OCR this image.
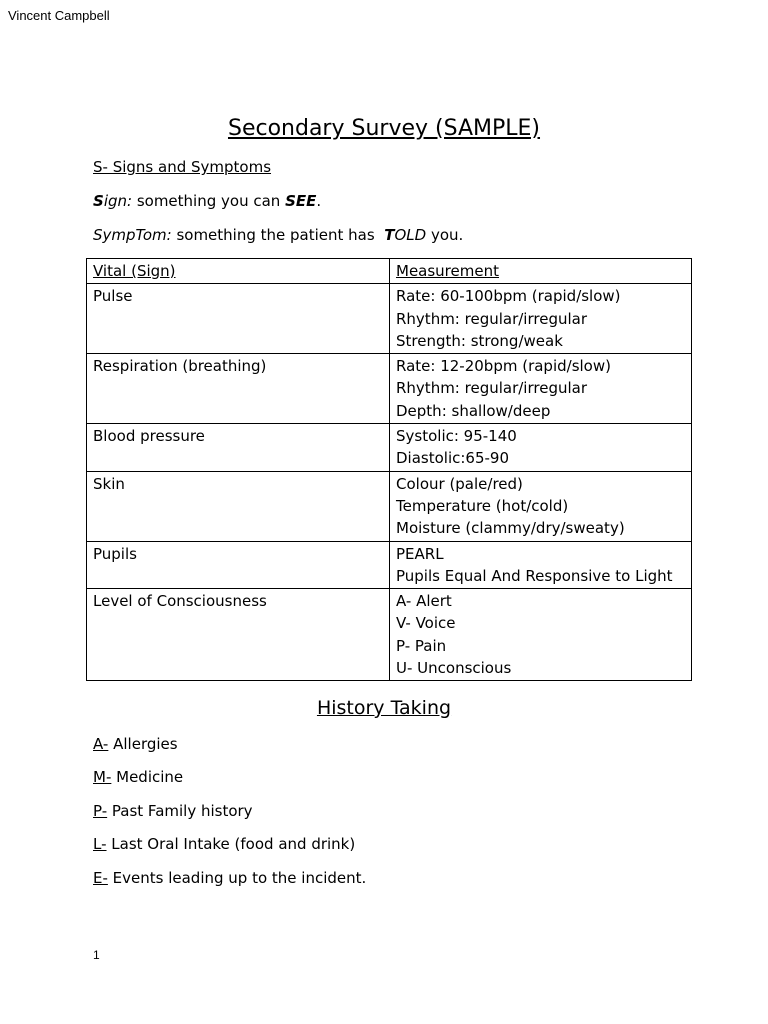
Vincent Campbell
Secondary Survey (SAMPLE)
S- Signs and Symptoms
Sign: something you can SEE.
SympTom: something the patient has  TOLD you.
Vital (Sign)	Measurement
Pulse	Rate: 60-100bpm (rapid/slow)
Rhythm: regular/irregular
Strength: strong/weak

Respiration (breathing)	Rate: 12-20bpm (rapid/slow)
Rhythm: regular/irregular
Depth: shallow/deep

Blood pressure	Systolic: 95-140
Diastolic:65-90

Skin	Colour (pale/red)
Temperature (hot/cold)
Moisture (clammy/dry/sweaty)

Pupils	PEARL
Pupils Equal And Responsive to Light

Level of Consciousness	A- Alert
V- Voice
P- Pain
U- Unconscious
History Taking
A- Allergies
M- Medicine
P- Past Family history
L- Last Oral Intake (food and drink)
E- Events leading up to the incident.
1
